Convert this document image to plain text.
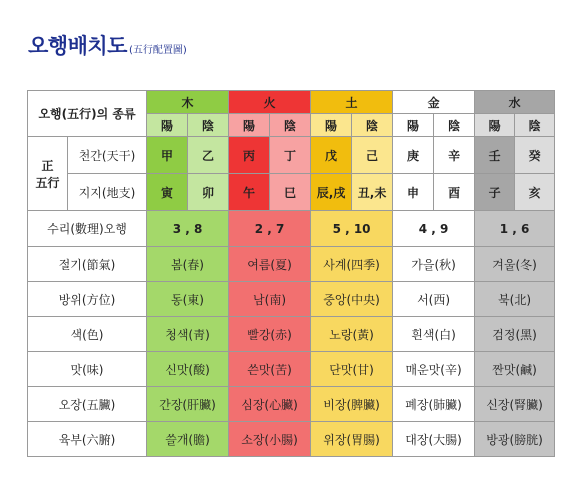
오행배치도 (五行配置圖)
오행(五行)의 종류		木		火		土		金		水	
		陽	陰	陽	陰	陽	陰	陽	陰	陽	陰

正
五行	천간(天干)	甲	乙	丙	丁	戊	己	庚	辛	壬	癸
	지지(地支)	寅	卯	午	巳	辰,戌	丑,未	申	酉	子	亥
수리(數理)오행		3 , 8		2 , 7		5 , 10		4 , 9		1 , 6	
절기(節氣)		봄(春)		여름(夏)		사계(四季)		가을(秋)		겨울(冬)	
방위(方位)		동(東)		남(南)		중앙(中央)		서(西)		북(北)	
색(色)		청색(靑)		빨강(赤)		노랑(黃)		흰색(白)		검정(黑)	
맛(味)		신맛(酸)		쓴맛(苦)		단맛(甘)		매운맛(辛)		짠맛(鹹)	
오장(五臟)		간장(肝臟)		심장(心臟)		비장(脾臟)		폐장(肺臟)		신장(腎臟)	
육부(六腑)		쓸개(膽)		소장(小腸)		위장(胃腸)		대장(大腸)		방광(膀胱)	
